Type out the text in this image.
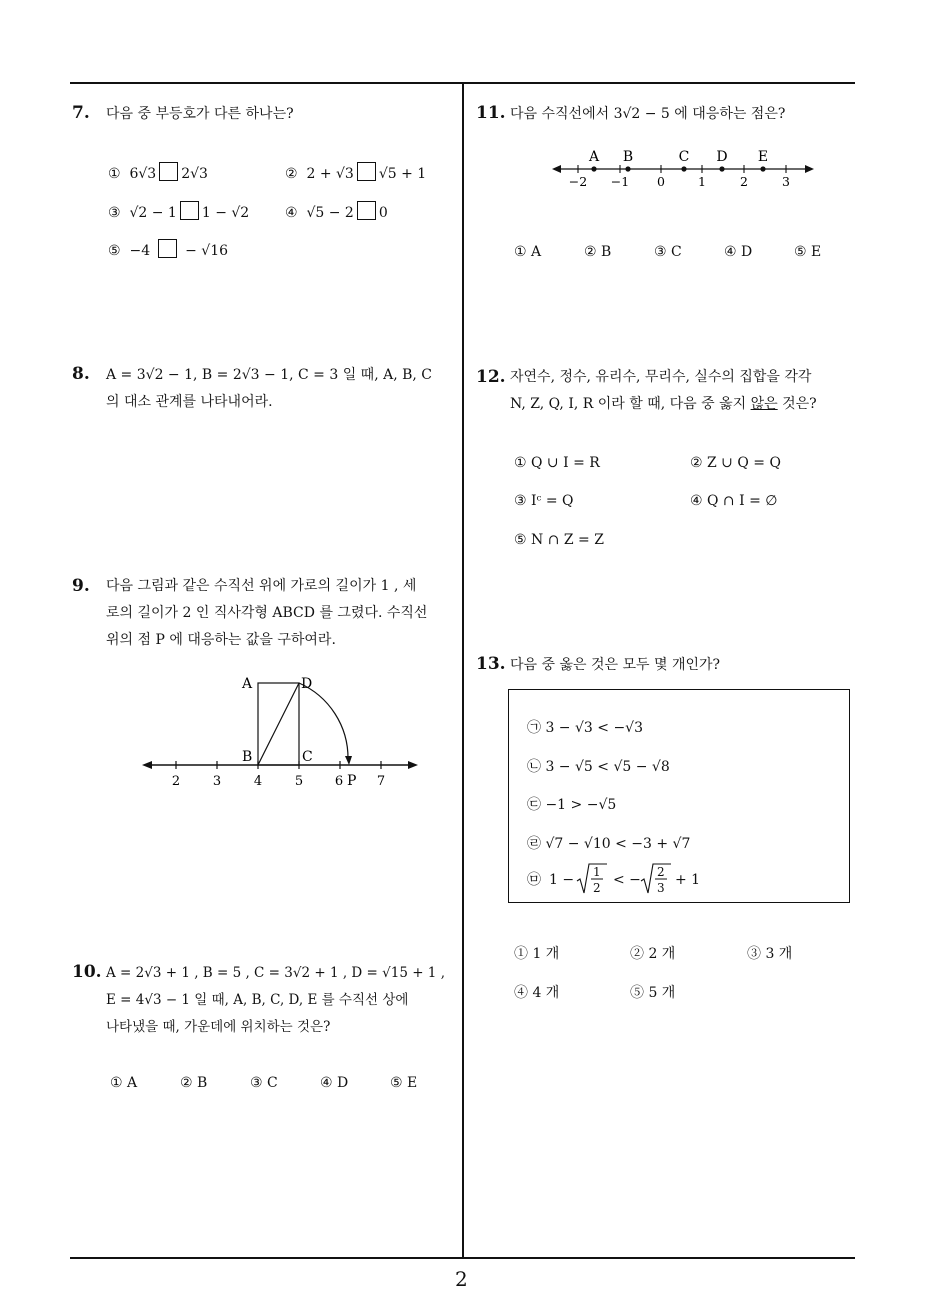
2
7. 다음 중 부등호가 다른 하나는?
① 6√3 2√3	② 2 + √3 √5 + 1
③ √2 − 1 1 − √2	④ √5 − 2 0
⑤ −4	− √16
8. A = 3√2 − 1, B = 2√3 − 1, C = 3 일 때, A, B, C
의 대소 관계를 나타내어라.
9. 다음 그림과 같은 수직선 위에 가로의 길이가 1 , 세
로의 길이가 2 인 직사각형 ABCD 를 그렸다. 수직선
위의 점 P 에 대응하는 값을 구하여라.
A	D
B	C
P
2	3	4	5 6	7
10. A = 2√3 + 1 , B = 5 , C = 3√2 + 1 , D = √15 + 1 ,
E = 4√3 − 1 일 때, A, B, C, D, E 를 수직선 상에
나타냈을 때, 가운데에 위치하는 것은?
① A	② B	③ C	④ D	⑤ E
11. 다음 수직선에서 3√2 − 5 에 대응하는 점은?
A B	C D E
−2 −1 0	1	2	3
① A	② B	③ C	④ D	⑤ E
12. 자연수, 정수, 유리수, 무리수, 실수의 집합을 각각
N, Z, Q, I, R 이라 할 때, 다음 중 옳지 않은 것은?
① Q ∪ I = R	② Z ∪ Q = Q
③ Iᶜ = Q	④ Q ∩ I = ∅
⑤ N ∩ Z = Z
13. 다음 중 옳은 것은 모두 몇 개인가?
㉠ 3 − √3 < −√3
㉡ 3 − √5 < √5 − √8
㉢ −1 > −√5
㉣ √7 − √10 < −3 + √7
㉤ 1 − 1
2 < − 2
3 + 1
① 1 개	② 2 개	③ 3 개
④ 4 개	⑤ 5 개
